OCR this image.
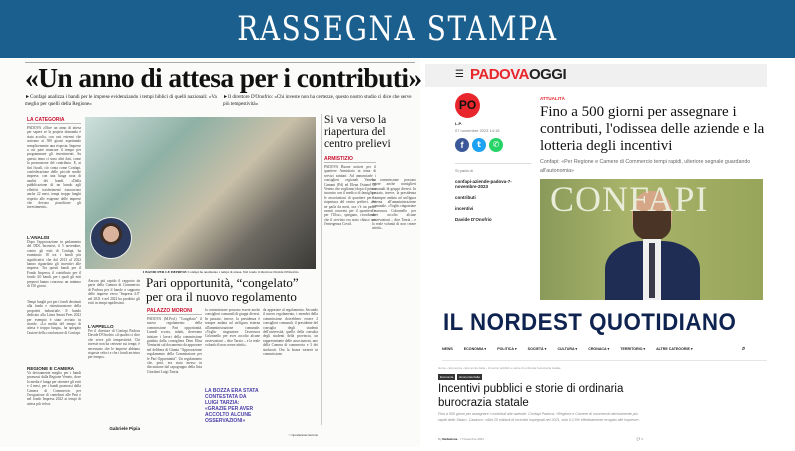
RASSEGNA STAMPA
«Un anno di attesa per i contributi»
►Confapi analizza i bandi per le imprese evidenziando i tempi biblici di quelli nazionali: «Va meglio per quelli della Regione»
►Il direttore D'Onofrio: «Chi investe non ha certezze, questo nostro studio ci dice che serve più tempestività»
LA CATEGORIA
PADOVA «Oltre un anno di attesa per sapere se la propria domanda è stata accolta, con casi estremi che arrivano ai 500 giorni aspettando semplicemente una risposta. Imprese a cui pare mancare il tempo per programmare gli investimenti. Su questo tema ci sono altri dati, come la promozione del contributo. E, ai fini fiscali, ciò conta come Confapi, confederazione delle piccole medie imprese, con una lunga nota di analisi dei bandi. «Dalla pubblicazione di un bando agli effettivi trasferimenti trascorrono anche 22 mesi, tempi troppo lunghi rispetto alle esigenze delle imprese che devono pianificare gli investimenti».
L'ANALISI
Dopo l'approvazione in parlamento del DDL Incentivi, il 5 novembre, contro gli esiti di Confapi, ha esaminato 18 tra i bandi più significativi che dal 2013 al 2022 hanno riguardato gli incentivi alle imprese. Tra questi bandi per il Fondo Impresa, il contributo per il fondo 4.0 bandi, per i quali gli enti preposti hanno concesso un minimo di 150 giorni.
Tempi lunghi poi per i fondi destinati alla fondo e ristrutturazione della proprietà industriale. Il bando dedicato alla Linea Smart Fees 2022 per esempio è stato avviato in ritardo. «La media del tempo di attesa è troppo lunga», ha spiegato l'autore della conclusione di Confapi.
REGIONE E CAMERA
Va decisamente meglio per i bandi promossi dalla Regione Veneto, dove la media è lunga per ottenere gli esiti e 4 mesi, per i bandi promossi dalla Camera di Commercio per l'erogazione di contributi alle Pmi e nel fondo Impresa 2022 ai tempi di attesa più veloci.
Ancora più rapido il rapporto da parte della Camera di Commercio di Padova per il bando a supporto delle imprese verso "Impresa 4.0" nel 2021 e nel 2022 ha prodotto gli esiti in tempi rapidissimi.
L'APPELLO
Per il direttore di Confapi Padova Davide D'Onofrio «il quadro ci dice che serve più tempestività. Chi investe non ha certezze sui tempi; è necessario che le imprese abbiano risposte veloci e che i fondi arrivino per tempo».
Gabriele Pipia
I BANDI PER LE IMPRESE Confapi ha analizzato i tempi di attesa. Nel tondo il direttore Davide D'Onofrio
Pari opportunità, “congelato” per ora il nuovo regolamento
PALAZZO MORONI
PADOVA (M.Ped.) "Congelato" il nuovo regolamento della commissione Pari opportunità. Lunedì scorso, infatti, dovevano iniziare i lavori della commissione guidata dalla consigliera Dem Elisa Venturini sul documento da approvare nel delibera di Giunta "Approvazione regolamento della Commissione per le Pari Opportunità". Un regolamento che, però, era stato messo in discussione dal capogruppo della lista Giordani Luigi Tarzia.
la commissione possono essere anche consiglieri comunali di gruppi diversi. In passato, invece, la presidenza è sempre andata ad un'figura esterna all'amministrazione comunale. «Voglio ringraziare l'assessora Colonnello per aver accolto alcune osservazioni – dice Tarzia – e la reale volontà di non creare attriti».
LA BOZZA ERA STATA CONTESTATA DA LUIGI TARZIA: «GRAZIE PER AVER ACCOLTO ALCUNE OSSERVAZIONI»
da apportare al regolamento. Secondo il nuovo regolamento, i membri della commissione dovrebbero essere 2 consiglieri comunali, il presidente del consiglio degli studenti dell'università, quello della consulta degli studenti della provincia, un rappresentante delle associazioni, uno della Camera di commercio e 3 dei sindacati. Ora la bozza tornerà in commissione.
© riproduzione riservata
Si va verso la riapertura del centro prelievi
ARMISTIZIO
PADOVA Buone notizie per il quartiere Armistizio in tema di servizi sanitari. Ad annunciarle i consiglieri regionali Vanessa Camani (Pd) ed Elena Ostanel (Il Veneto che vogliamo) dopo il primo incontro con il medico di famiglia e le associazioni di quartiere per la riapertura del centro prelievi. «Se ne parla da mesi, ora c'è un passo avanti concreto per il quartiere e per l'Ulss», spiegano, ricordando che il servizio era stato chiuso con l'emergenza Covid.
la commissione possono essere anche consiglieri comunali di gruppi diversi. In passato, invece, la presidenza è sempre andata ad un'figura esterna all'amministrazione comunale. «Voglio ringraziare l'assessora Colonnello per aver accolto alcune osservazioni – dice Tarzia – e la reale volontà di non creare attriti».
☰ PADOVAOGGI
PO
L.P.
07 novembre 2023 14:15
f	t	✆
Si parla di
confapi-aziende-padova-7-novembre-2023
contributi
incentivi
Davide D'Onofrio
ATTUALITÀ
Fino a 500 giorni per assegnare i contributi, l'odissea delle aziende e la lotteria degli incentivi
Confapi: «Per Regione e Camere di Commercio tempi rapidi, ulteriore segnale guardando all'autonomia»
CONFAPI
IL NORDEST QUOTIDIANO
NEWS	ECONOMIA ▾	POLITICA ▾	SOCIETÀ ▾	CULTURA ▾	CRONACA ▾	TERRITORIO ▾	ALTRE CATEGORIE ▾	⌕
Home › Economia › Economia Italia › Incentivi pubblici e storie di ordinaria burocrazia statale
Economia	Economia Italia
Incentivi pubblici e storie di ordinaria burocrazia statale
Fino a 500 giorni per assegnare i contributi alle aziende. Confapi Padova: «Regione e Camere di commercio decisamente più rapidi dello Stato». Casasco: «Altri 25 miliardi di incentivi impegnati nel 2021, solo il 2,5% effettivamente erogato alle imprese».
By Redazione - 7 Novembre 2023	💬 0
